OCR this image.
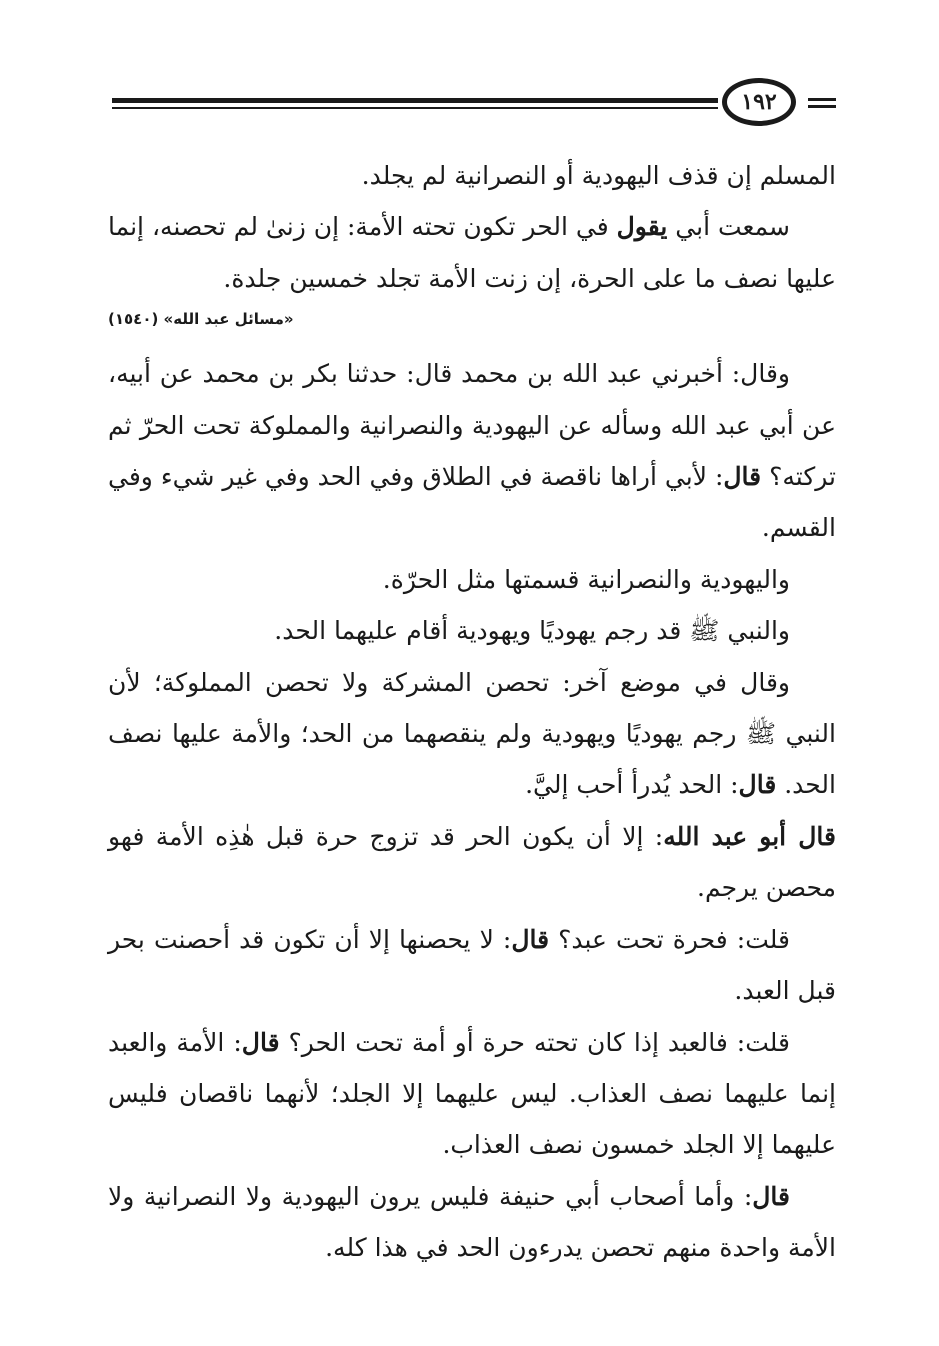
١٩٢

المسلم إن قذف اليهودية أو النصرانية لم يجلد.

سمعت أبي يقول في الحر تكون تحته الأمة: إن زنىٰ لم تحصنه، إنما عليها نصف ما على الحرة، إن زنت الأمة تجلد خمسين جلدة.

«مسائل عبد الله» (١٥٤٠)

وقال: أخبرني عبد الله بن محمد قال: حدثنا بكر بن محمد عن أبيه، عن أبي عبد الله وسأله عن اليهودية والنصرانية والمملوكة تحت الحرّ ثم تركته؟ قال: لأبي أراها ناقصة في الطلاق وفي الحد وفي غير شيء وفي القسم.

واليهودية والنصرانية قسمتها مثل الحرّة.

والنبي ﷺ قد رجم يهوديًا ويهودية أقام عليهما الحد.

وقال في موضع آخر: تحصن المشركة ولا تحصن المملوكة؛ لأن النبي ﷺ رجم يهوديًا ويهودية ولم ينقصهما من الحد؛ والأمة عليها نصف الحد. قال: الحد يُدرأ أحب إليَّ.

قال أبو عبد الله: إلا أن يكون الحر قد تزوج حرة قبل هٰذِه الأمة فهو محصن يرجم.

قلت: فحرة تحت عبد؟ قال: لا يحصنها إلا أن تكون قد أحصنت بحر قبل العبد.

قلت: فالعبد إذا كان تحته حرة أو أمة تحت الحر؟ قال: الأمة والعبد إنما عليهما نصف العذاب. ليس عليهما إلا الجلد؛ لأنهما ناقصان فليس عليهما إلا الجلد خمسون نصف العذاب.

قال: وأما أصحاب أبي حنيفة فليس يرون اليهودية ولا النصرانية ولا الأمة واحدة منهم تحصن يدرءون الحد في هذا كله.
